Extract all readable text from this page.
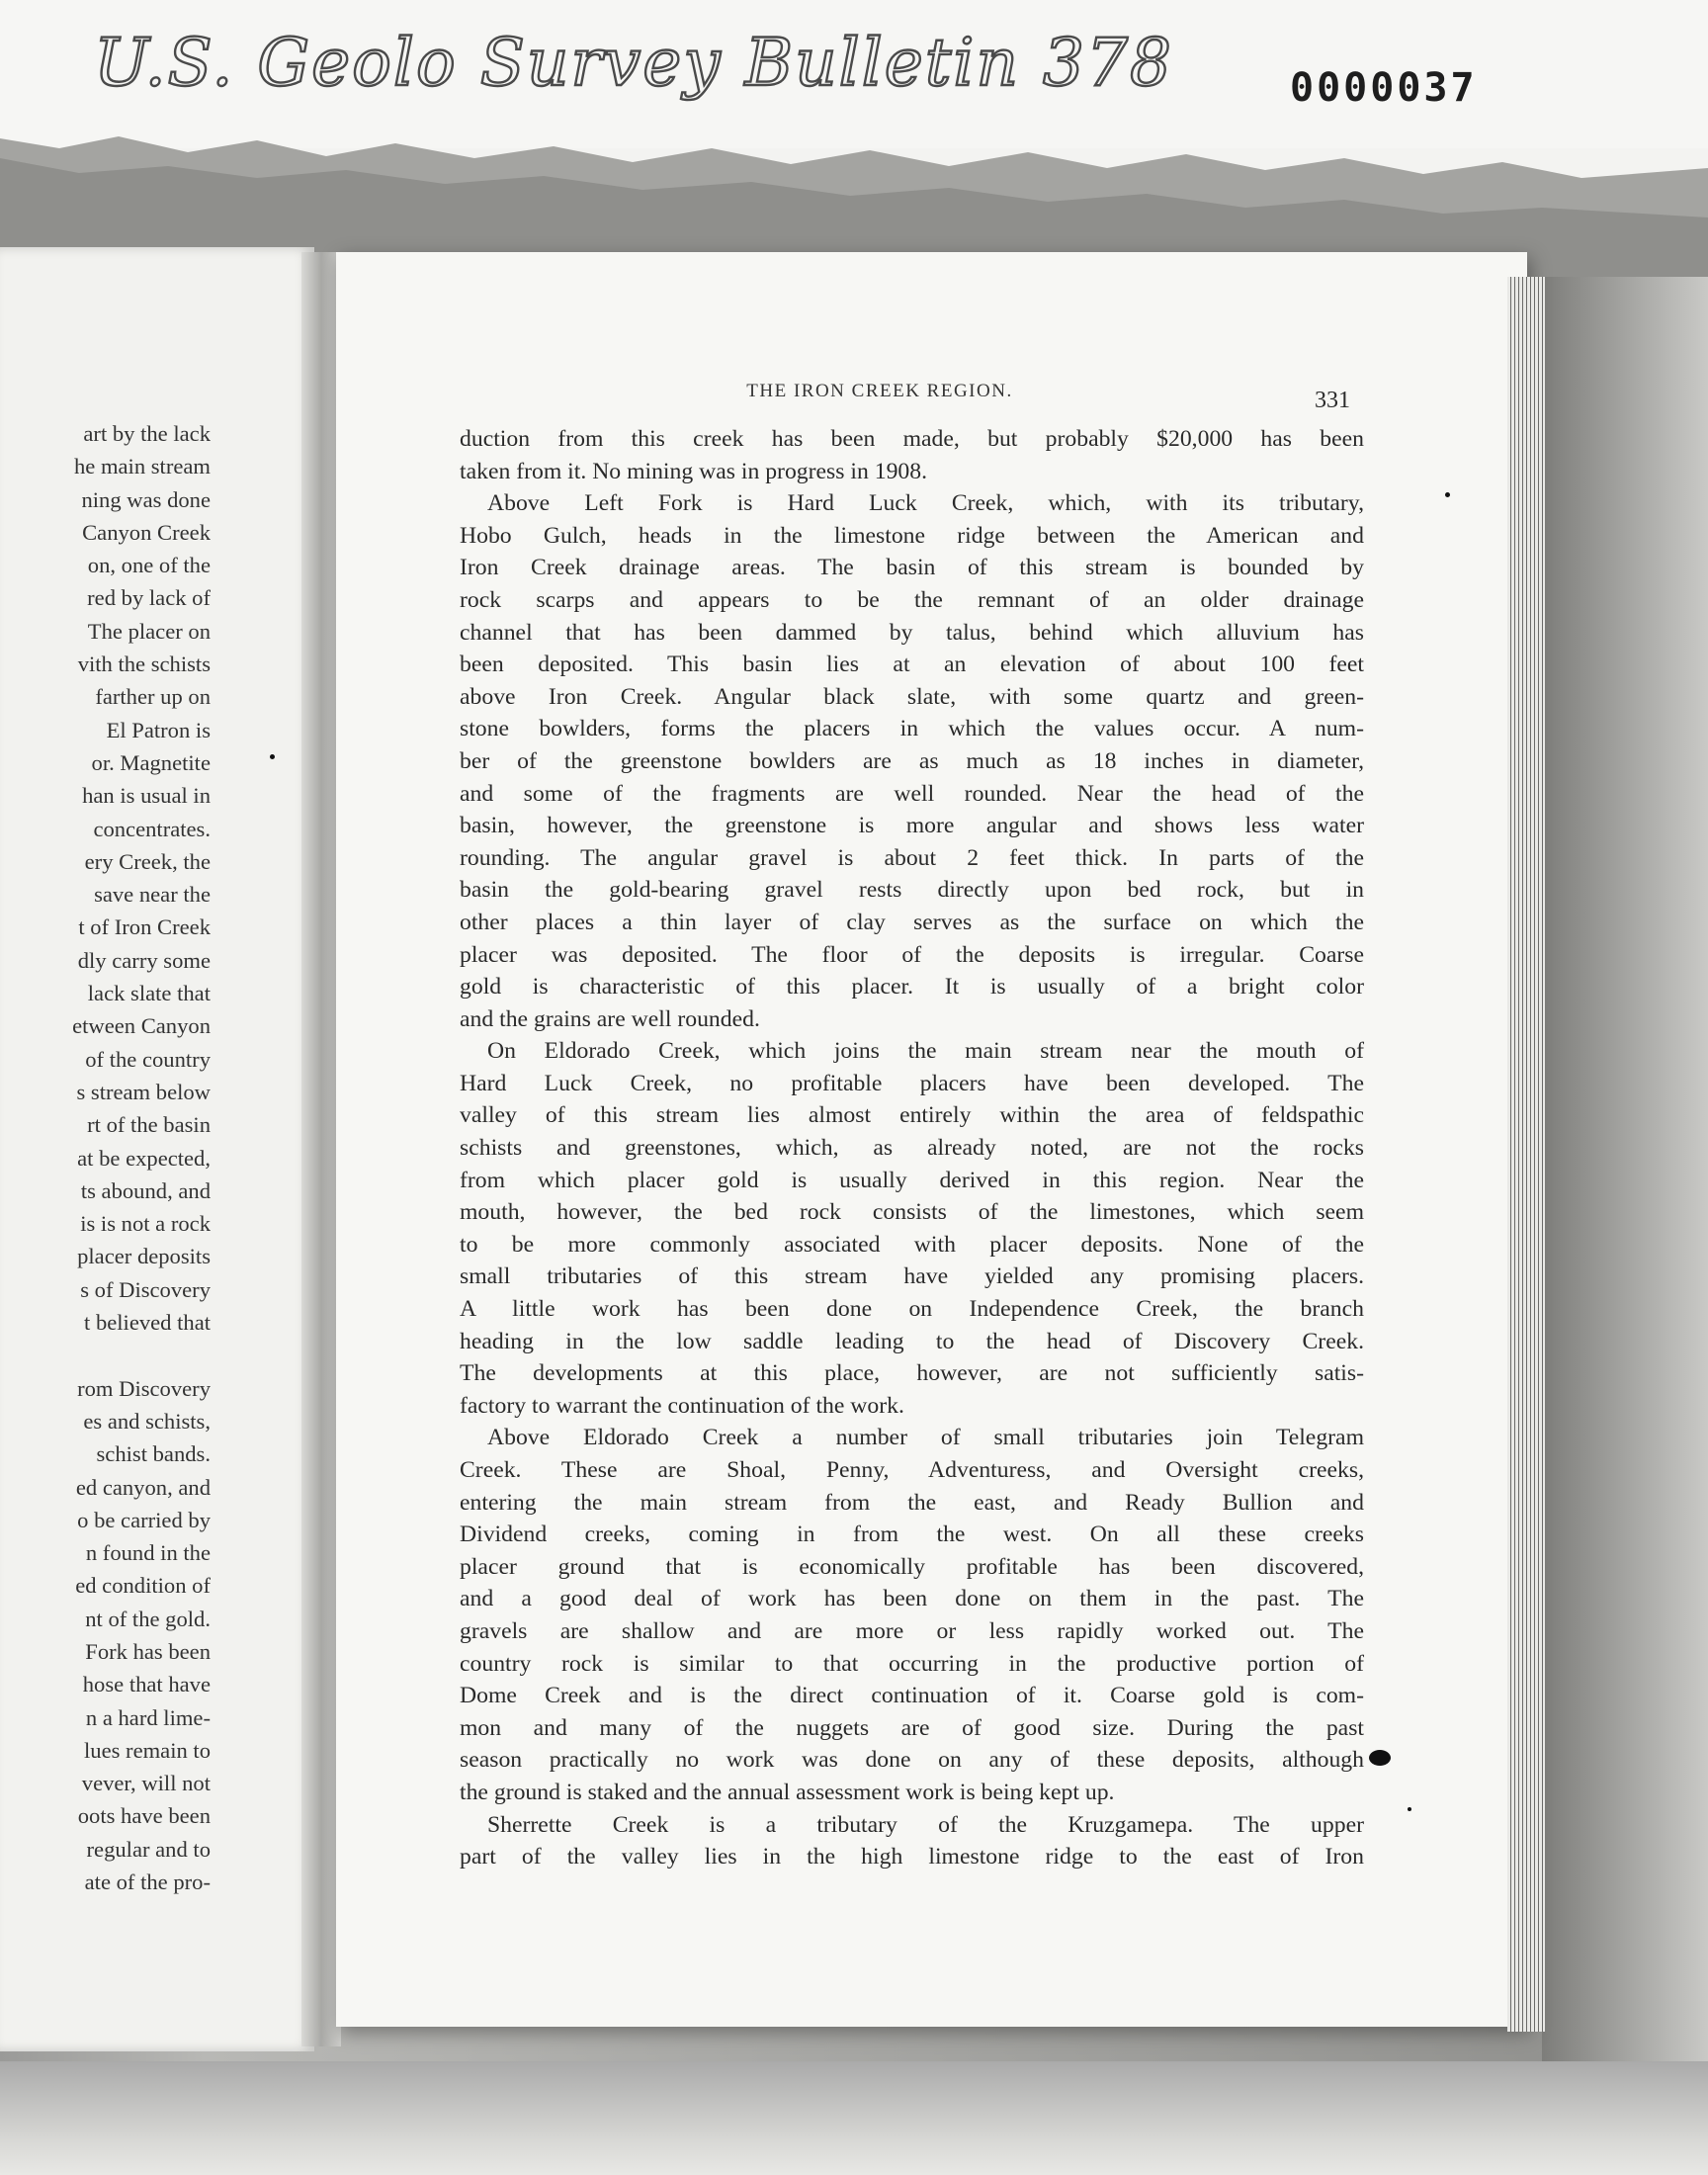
U.S. Geolo Survey Bulletin 378	0000037
art by the lack
he main stream
ning was done
Canyon Creek
on, one of the
red by lack of
The placer on
vith the schists
farther up on
El Patron is
or. Magnetite
han is usual in
concentrates.
ery Creek, the
save near the
t of Iron Creek
dly carry some
lack slate that
etween Canyon
of the country
s stream below
rt of the basin
at be expected,
ts abound, and
is is not a rock
placer deposits
s of Discovery
t believed that
rom Discovery
es and schists,
schist bands.
ed canyon, and
o be carried by
n found in the
ed condition of
nt of the gold.
Fork has been
hose that have
n a hard lime-
lues remain to
vever, will not
oots have been
regular and to
ate of the pro-
THE IRON CREEK REGION.	331
duction from this creek has been made, but probably $20,000 has been
taken from it. No mining was in progress in 1908.
Above Left Fork is Hard Luck Creek, which, with its tributary,
Hobo Gulch, heads in the limestone ridge between the American and
Iron Creek drainage areas. The basin of this stream is bounded by
rock scarps and appears to be the remnant of an older drainage
channel that has been dammed by talus, behind which alluvium has
been deposited. This basin lies at an elevation of about 100 feet
above Iron Creek. Angular black slate, with some quartz and green-
stone bowlders, forms the placers in which the values occur. A num-
ber of the greenstone bowlders are as much as 18 inches in diameter,
and some of the fragments are well rounded. Near the head of the
basin, however, the greenstone is more angular and shows less water
rounding. The angular gravel is about 2 feet thick. In parts of the
basin the gold-bearing gravel rests directly upon bed rock, but in
other places a thin layer of clay serves as the surface on which the
placer was deposited. The floor of the deposits is irregular. Coarse
gold is characteristic of this placer. It is usually of a bright color
and the grains are well rounded.
On Eldorado Creek, which joins the main stream near the mouth of
Hard Luck Creek, no profitable placers have been developed. The
valley of this stream lies almost entirely within the area of feldspathic
schists and greenstones, which, as already noted, are not the rocks
from which placer gold is usually derived in this region. Near the
mouth, however, the bed rock consists of the limestones, which seem
to be more commonly associated with placer deposits. None of the
small tributaries of this stream have yielded any promising placers.
A little work has been done on Independence Creek, the branch
heading in the low saddle leading to the head of Discovery Creek.
The developments at this place, however, are not sufficiently satis-
factory to warrant the continuation of the work.
Above Eldorado Creek a number of small tributaries join Telegram
Creek. These are Shoal, Penny, Adventuress, and Oversight creeks,
entering the main stream from the east, and Ready Bullion and
Dividend creeks, coming in from the west. On all these creeks
placer ground that is economically profitable has been discovered,
and a good deal of work has been done on them in the past. The
gravels are shallow and are more or less rapidly worked out. The
country rock is similar to that occurring in the productive portion of
Dome Creek and is the direct continuation of it. Coarse gold is com-
mon and many of the nuggets are of good size. During the past
season practically no work was done on any of these deposits, although
the ground is staked and the annual assessment work is being kept up.
Sherrette Creek is a tributary of the Kruzgamepa. The upper
part of the valley lies in the high limestone ridge to the east of Iron
